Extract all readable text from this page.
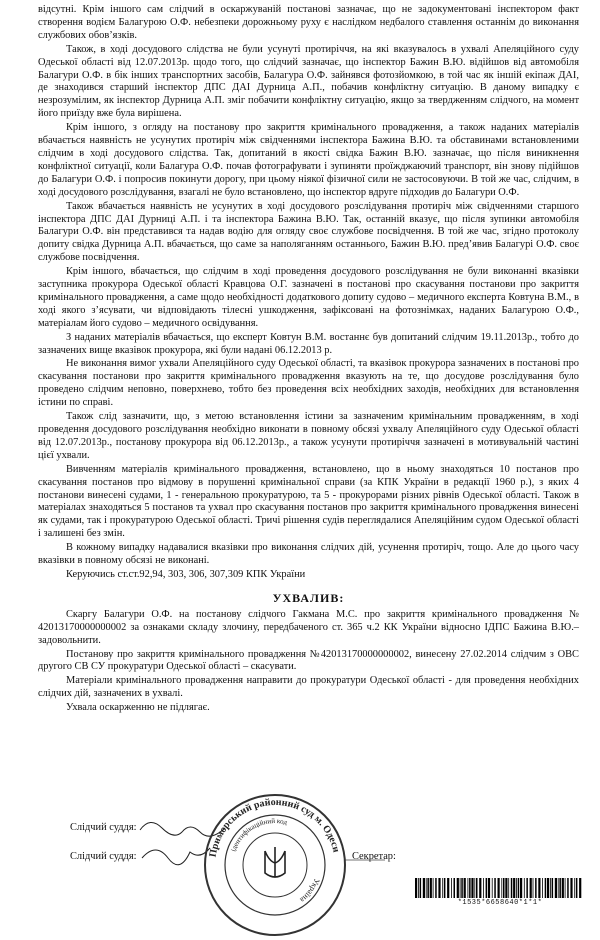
відсутні. Крім іншого сам слідчий в оскаржуваній постанові зазначає, що не задокументовані інспектором факт створення водієм Балагурою О.Ф. небезпеки дорожньому руху є наслідком недбалого ставлення останнім до виконання службових обов’язків.

Також, в ході досудового слідства не були усунуті протиріччя, на які вказувалось в ухвалі Апеляційного суду Одеської області від 12.07.2013р. щодо того, що слідчий зазначає, що інспектор Бажин В.Ю. відійшов від автомобіля Балагури О.Ф. в бік інших транспортних засобів, Балагура О.Ф. зайнявся фотозйомкою, в той час як іншій екіпаж ДАІ, де знаходився старший інспектор ДПС ДАІ Дурница А.П., побачив конфліктну ситуацію. В даному випадку є незрозумілим, як інспектор Дурница А.П. зміг побачити конфліктну ситуацію, якщо за твердженням слідчого, на момент його приїзду вже була вирішена.

Крім іншого, з огляду на постанову про закриття кримінального провадження, а також наданих матеріалів вбачається наявність не усунутих протиріч між свідченнями інспектора Бажина В.Ю. та обставинами встановленими слідчим в ході досудового слідства. Так, допитаний в якості свідка Бажин В.Ю. зазначає, що після виникнення конфліктної ситуації, коли Балагура О.Ф. почав фотографувати і зупиняти проїжджаючий транспорт, він знову підійшов до Балагури О.Ф. і попросив покинути дорогу, при цьому ніякої фізичної сили не застосовуючи. В той же час, слідчим, в ході досудового розслідування, взагалі не було встановлено, що інспектор вдруге підходив до Балагури О.Ф.

Також вбачається наявність не усунутих в ході досудового розслідування протиріч між свідченнями старшого інспектора ДПС ДАІ Дурниці А.П. і та інспектора Бажина В.Ю. Так, останній вказує, що після зупинки автомобіля Балагури О.Ф. він представився та надав водію для огляду своє службове посвідчення. В той же час, згідно протоколу допиту свідка Дурница А.П. вбачається, що саме за наполяганням останнього, Бажин В.Ю. пред’явив Балагурі О.Ф. своє службове посвідчення.

Крім іншого, вбачається, що слідчим в ході проведення досудового розслідування не були виконанні вказівки заступника прокурора Одеської області Кравцова О.Г. зазначені в постанові про скасування постанови про закриття кримінального провадження, а саме щодо необхідності додаткового допиту судово – медичного експерта Ковтуна В.М., в ході якого з’ясувати, чи відповідають тілесні ушкодження, зафіксовані на фотознімках, наданих Балагурою О.Ф., матеріалам його судово – медичного освідування.

З наданих матеріалів вбачається, що експерт Ковтун В.М. востаннє був допитаний слідчим 19.11.2013р., тобто до зазначених вище вказівок прокурора, які були надані 06.12.2013 р.

Не виконання вимог ухвали Апеляційного суду Одеської області, та вказівок прокурора зазначених в постанові про скасування постанови про закриття кримінального провадження вказують на те, що досудове розслідування було проведено слідчим неповно, поверхнево, тобто без проведення всіх необхідних заходів, необхідних для встановлення істини по справі.

Також слід зазначити, що, з метою встановлення істини за зазначеним кримінальним провадженням, в ході проведення досудового розслідування необхідно виконати в повному обсязі ухвалу Апеляційного суду Одеської області від 12.07.2013р., постанову прокурора від 06.12.2013р., а також усунути протиріччя зазначені в мотивувальній частині цієї ухвали.

Вивченням матеріалів кримінального провадження, встановлено, що в ньому знаходяться 10 постанов про скасування постанов про відмову в порушенні кримінальної справи (за КПК України в редакції 1960 р.), з яких 4 постанови винесені судами, 1 - генеральною прокуратурою, та 5 - прокурорами різних рівнів Одеської області. Також в матеріалах знаходяться 5 постанов та ухвал про скасування постанов про закриття кримінального провадження винесені як судами, так і прокуратурою Одеської області. Тричі рішення судів переглядалися Апеляційним судом Одеської області і залишені без змін.

В кожному випадку надавалися вказівки про виконання слідчих дій, усунення протиріч, тощо. Але до цього часу вказівки в повному обсязі не виконані.

Керуючись ст.ст.92,94, 303, 306, 307,309 КПК України

УХВАЛИВ:

Скаргу Балагури О.Ф. на постанову слідчого Гакмана М.С. про закриття кримінального провадження № 42013170000000002 за ознаками складу злочину, передбаченого ст. 365 ч.2 КК України відносно ІДПС Бажина В.Ю.– задовольнити.

Постанову про закриття кримінального провадження №42013170000000002, винесену 27.02.2014 слідчим з ОВС другого СВ СУ прокуратури Одеської області – скасувати.

Матеріали кримінального провадження направити до прокуратури Одеської області - для проведення необхідних слідчих дій, зазначених в ухвалі.

Ухвала оскарженню не підлягає.

Слідчий суддя:
Слідчий суддя:	Секретар:
Приморський районний суд м. Одеси
Україна
ідентифікаційний код
*1535*6658640*1*1*
